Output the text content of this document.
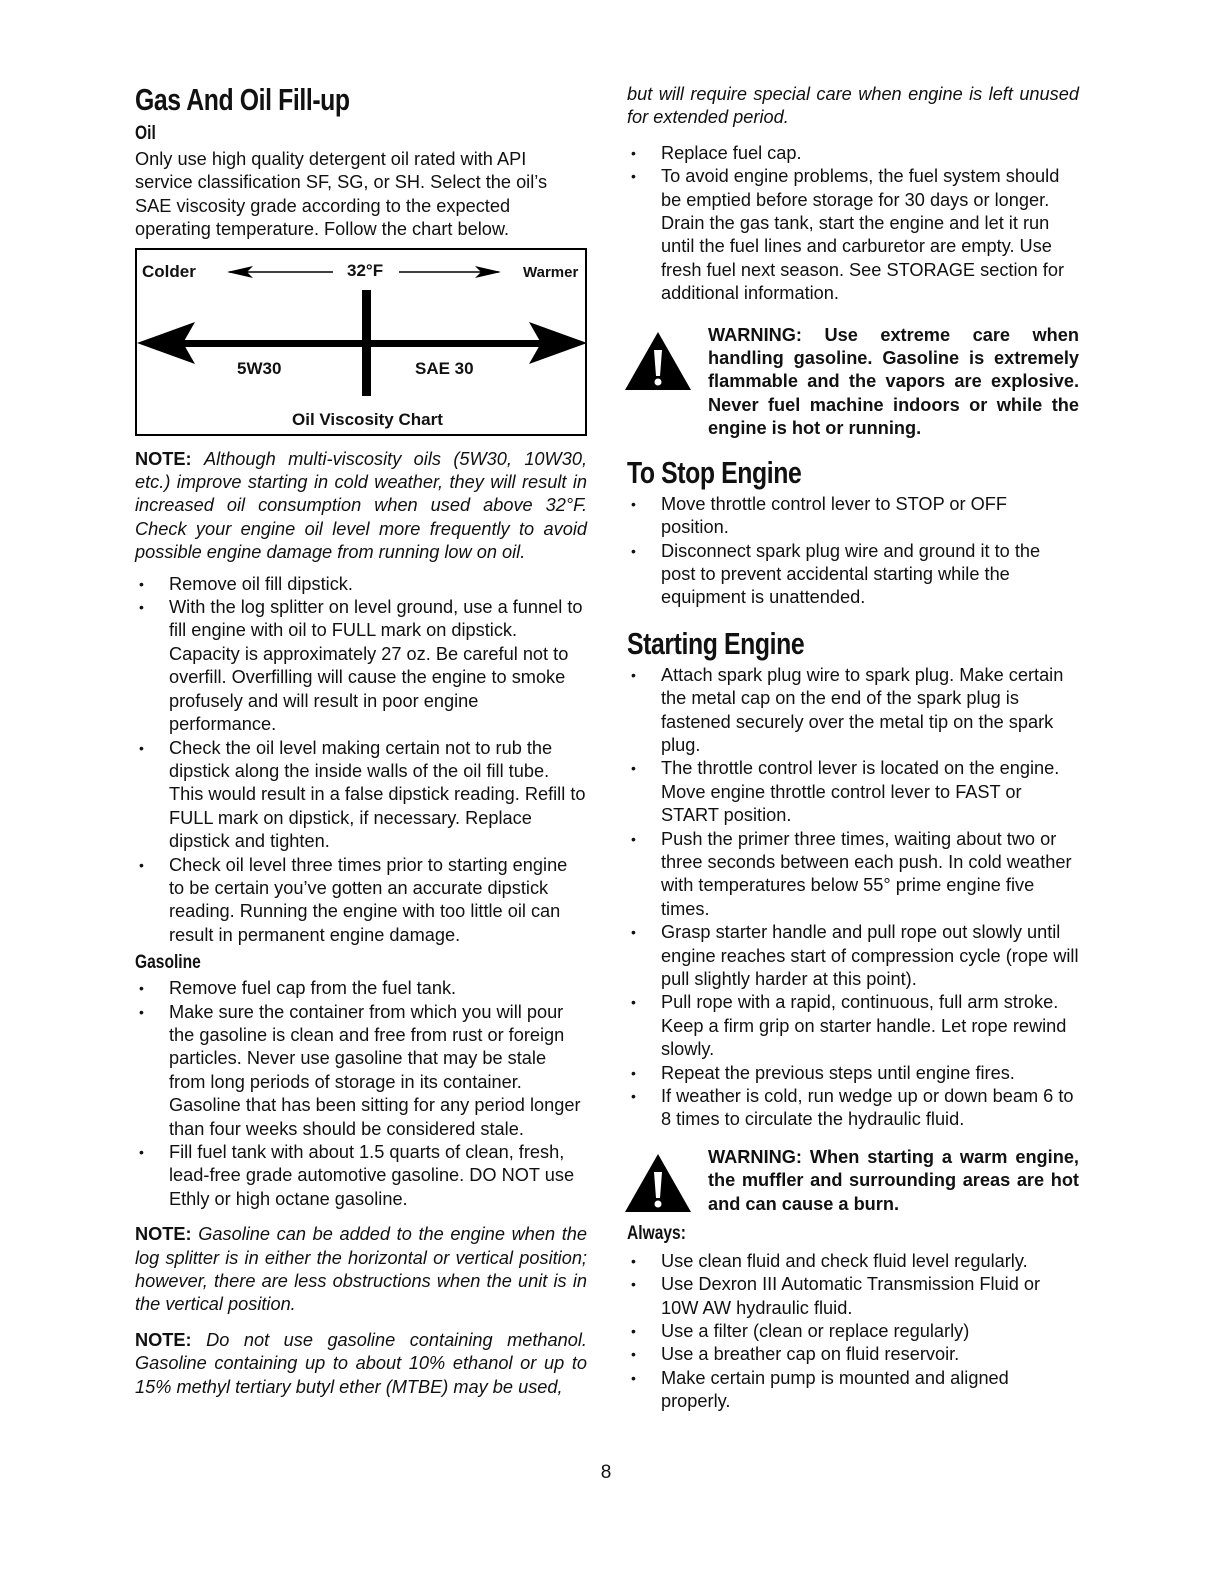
Gas And Oil Fill-up
Oil

Only use high quality detergent oil rated with API service classification SF, SG, or SH. Select the oil’s SAE viscosity grade according to the expected operating temperature. Follow the chart below.

Colder	32°F	Warmer
5W30	SAE 30
Oil Viscosity Chart

NOTE: Although multi-viscosity oils (5W30, 10W30, etc.) improve starting in cold weather, they will result in increased oil consumption when used above 32°F. Check your engine oil level more frequently to avoid possible engine damage from running low on oil.

• Remove oil fill dipstick.
• With the log splitter on level ground, use a funnel to fill engine with oil to FULL mark on dipstick. Capacity is approximately 27 oz. Be careful not to overfill. Overfilling will cause the engine to smoke profusely and will result in poor engine performance.
• Check the oil level making certain not to rub the dipstick along the inside walls of the oil fill tube. This would result in a false dipstick reading. Refill to FULL mark on dipstick, if necessary. Replace dipstick and tighten.
• Check oil level three times prior to starting engine to be certain you’ve gotten an accurate dipstick reading. Running the engine with too little oil can result in permanent engine damage.
Gasoline
• Remove fuel cap from the fuel tank.
• Make sure the container from which you will pour the gasoline is clean and free from rust or foreign particles. Never use gasoline that may be stale from long periods of storage in its container. Gasoline that has been sitting for any period longer than four weeks should be considered stale.
• Fill fuel tank with about 1.5 quarts of clean, fresh, lead-free grade automotive gasoline. DO NOT use Ethly or high octane gasoline.

NOTE: Gasoline can be added to the engine when the log splitter is in either the horizontal or vertical position; however, there are less obstructions when the unit is in the vertical position.

NOTE: Do not use gasoline containing methanol. Gasoline containing up to about 10% ethanol or up to 15% methyl tertiary butyl ether (MTBE) may be used,

but will require special care when engine is left unused for extended period.

• Replace fuel cap.
• To avoid engine problems, the fuel system should be emptied before storage for 30 days or longer. Drain the gas tank, start the engine and let it run until the fuel lines and carburetor are empty. Use fresh fuel next season. See STORAGE section for additional information.
WARNING: Use extreme care when handling gasoline. Gasoline is extremely flammable and the vapors are explosive. Never fuel machine indoors or while the engine is hot or running.
To Stop Engine
• Move throttle control lever to STOP or OFF position.
• Disconnect spark plug wire and ground it to the post to prevent accidental starting while the equipment is unattended.
Starting Engine
• Attach spark plug wire to spark plug. Make certain the metal cap on the end of the spark plug is fastened securely over the metal tip on the spark plug.
• The throttle control lever is located on the engine. Move engine throttle control lever to FAST or START position.
• Push the primer three times, waiting about two or three seconds between each push. In cold weather with temperatures below 55° prime engine five times.
• Grasp starter handle and pull rope out slowly until engine reaches start of compression cycle (rope will pull slightly harder at this point).
• Pull rope with a rapid, continuous, full arm stroke. Keep a firm grip on starter handle. Let rope rewind slowly.
• Repeat the previous steps until engine fires.
• If weather is cold, run wedge up or down beam 6 to 8 times to circulate the hydraulic fluid.
WARNING: When starting a warm engine, the muffler and surrounding areas are hot and can cause a burn.
Always:
• Use clean fluid and check fluid level regularly.
• Use Dexron III Automatic Transmission Fluid or 10W AW hydraulic fluid.
• Use a filter (clean or replace regularly)
• Use a breather cap on fluid reservoir.
• Make certain pump is mounted and aligned properly.
8
